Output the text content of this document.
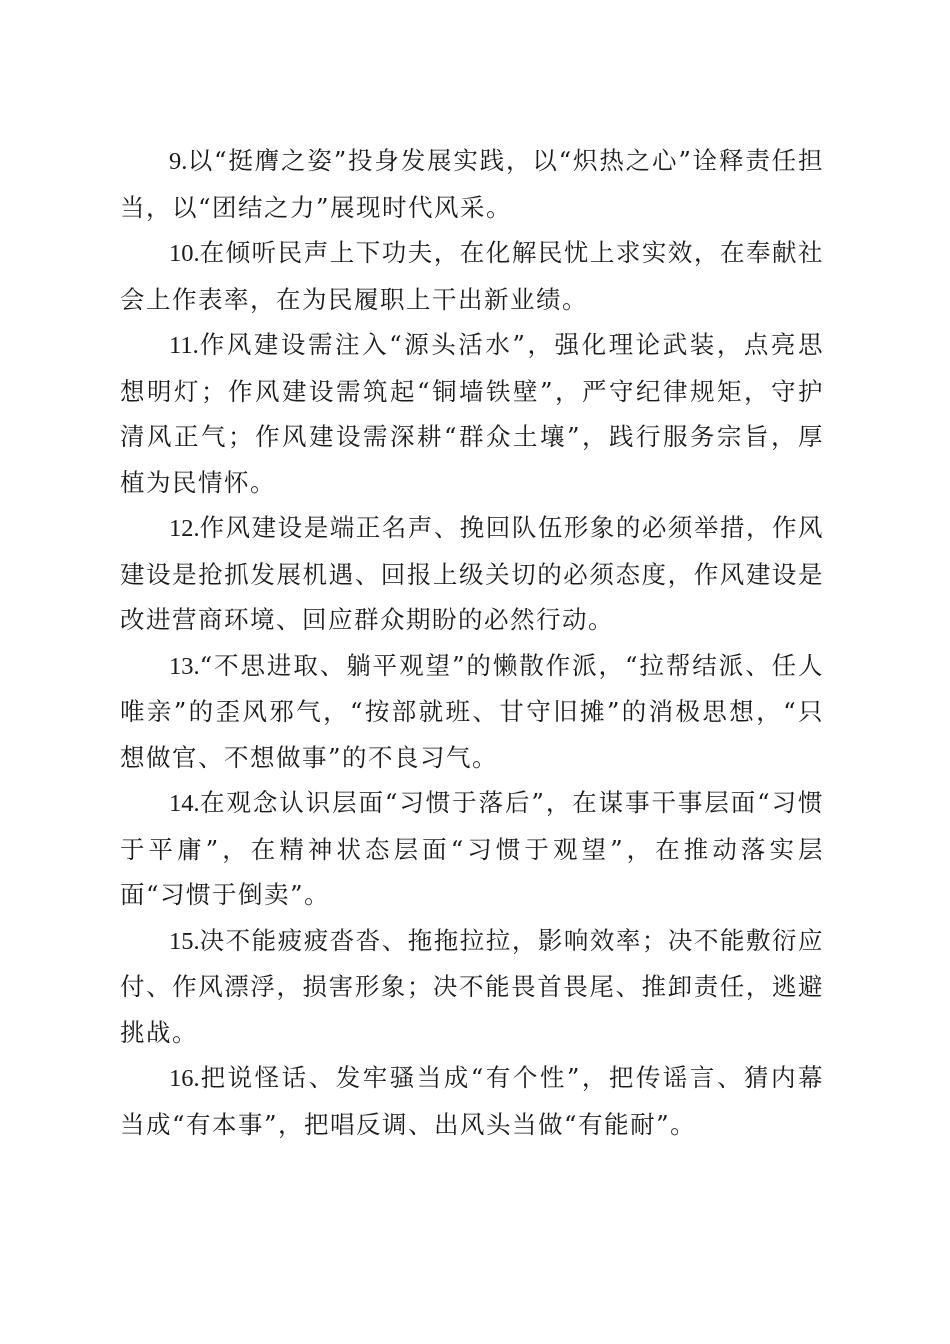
9.以“挺膺之姿”投身发展实践，以“炽热之心”诠释责任担当，以“团结之力”展现时代风采。

10.在倾听民声上下功夫，在化解民忧上求实效，在奉献社会上作表率，在为民履职上干出新业绩。

11.作风建设需注入“源头活水”，强化理论武装，点亮思想明灯；作风建设需筑起“铜墙铁壁”，严守纪律规矩，守护清风正气；作风建设需深耕“群众土壤”，践行服务宗旨，厚植为民情怀。

12.作风建设是端正名声、挽回队伍形象的必须举措，作风建设是抢抓发展机遇、回报上级关切的必须态度，作风建设是改进营商环境、回应群众期盼的必然行动。

13.“不思进取、躺平观望”的懒散作派，“拉帮结派、任人唯亲”的歪风邪气，“按部就班、甘守旧摊”的消极思想，“只想做官、不想做事”的不良习气。

14.在观念认识层面“习惯于落后”，在谋事干事层面“习惯于平庸”，在精神状态层面“习惯于观望”，在推动落实层面“习惯于倒卖”。

15.决不能疲疲沓沓、拖拖拉拉，影响效率；决不能敷衍应付、作风漂浮，损害形象；决不能畏首畏尾、推卸责任，逃避挑战。

16.把说怪话、发牢骚当成“有个性”，把传谣言、猜内幕当成“有本事”，把唱反调、出风头当做“有能耐”。
